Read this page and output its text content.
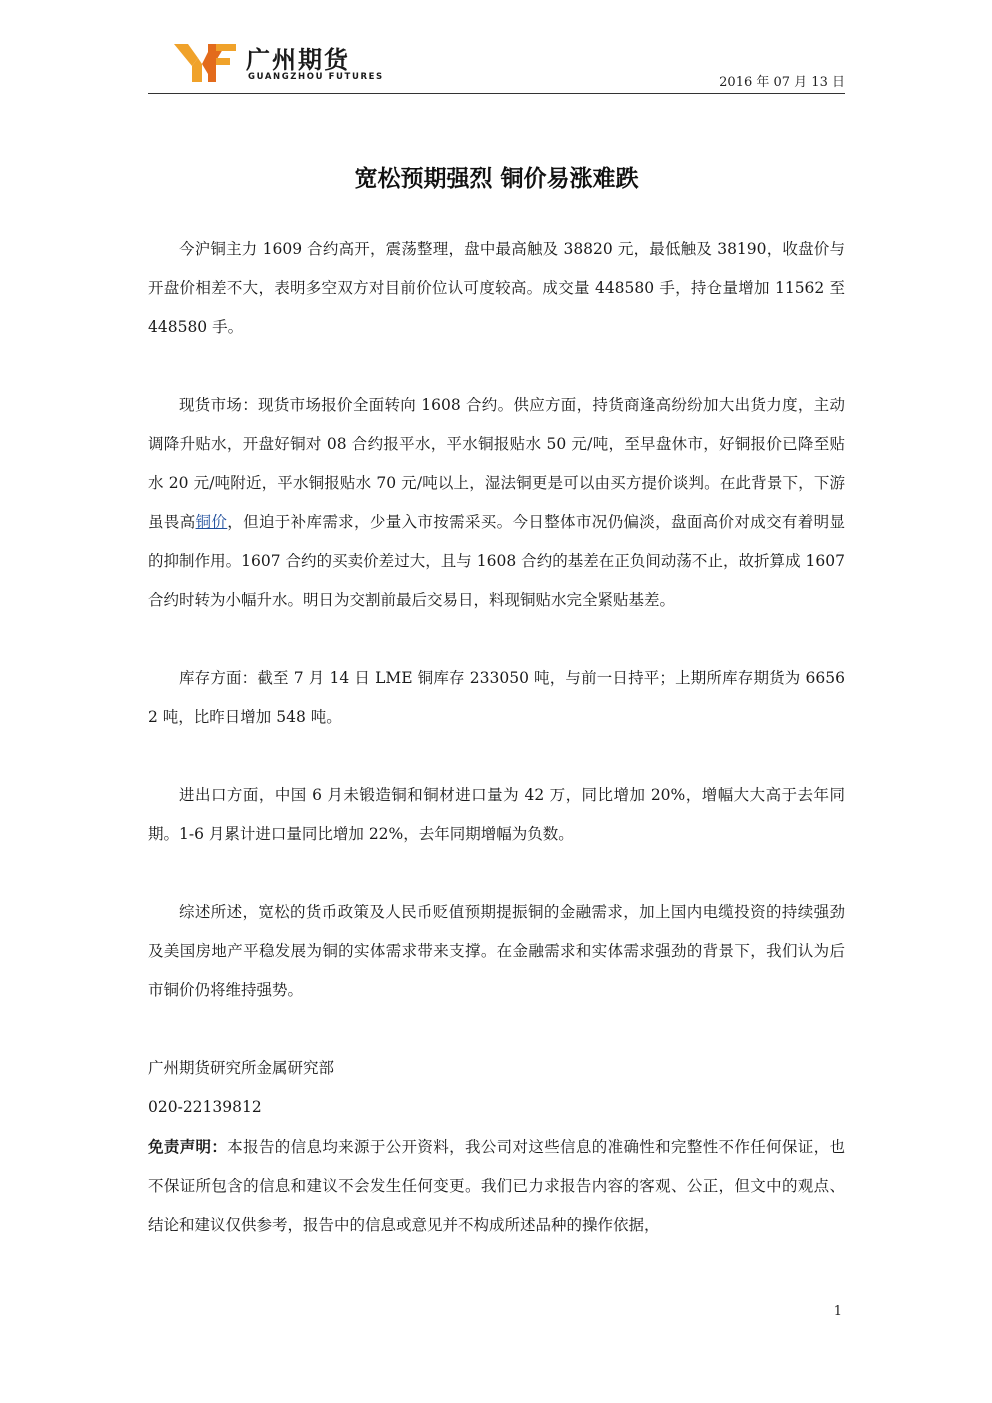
广州期货
GUANGZHOU FUTURES	2016 年 07 月 13 日
宽松预期强烈 铜价易涨难跌

今沪铜主力 1609 合约高开，震荡整理，盘中最高触及 38820 元，最低触及 38190，收盘价与开盘价相差不大，表明多空双方对目前价位认可度较高。成交量 448580 手，持仓量增加 11562 至 448580 手。

现货市场：现货市场报价全面转向 1608 合约。供应方面，持货商逢高纷纷加大出货力度，主动调降升贴水，开盘好铜对 08 合约报平水，平水铜报贴水 50 元/吨，至早盘休市，好铜报价已降至贴水 20 元/吨附近，平水铜报贴水 70 元/吨以上，湿法铜更是可以由买方提价谈判。在此背景下，下游虽畏高铜价，但迫于补库需求，少量入市按需采买。今日整体市况仍偏淡，盘面高价对成交有着明显的抑制作用。1607 合约的买卖价差过大，且与 1608 合约的基差在正负间动荡不止，故折算成 1607 合约时转为小幅升水。明日为交割前最后交易日，料现铜贴水完全紧贴基差。

库存方面：截至 7 月 14 日 LME 铜库存 233050 吨，与前一日持平；上期所库存期货为 66562 吨，比昨日增加 548 吨。

进出口方面，中国 6 月未锻造铜和铜材进口量为 42 万，同比增加 20%，增幅大大高于去年同期。1-6 月累计进口量同比增加 22%，去年同期增幅为负数。

综述所述，宽松的货币政策及人民币贬值预期提振铜的金融需求，加上国内电缆投资的持续强劲及美国房地产平稳发展为铜的实体需求带来支撑。在金融需求和实体需求强劲的背景下，我们认为后市铜价仍将维持强势。

广州期货研究所金属研究部

020-22139812

免责声明：本报告的信息均来源于公开资料，我公司对这些信息的准确性和完整性不作任何保证，也不保证所包含的信息和建议不会发生任何变更。我们已力求报告内容的客观、公正，但文中的观点、结论和建议仅供参考，报告中的信息或意见并不构成所述品种的操作依据，

1
